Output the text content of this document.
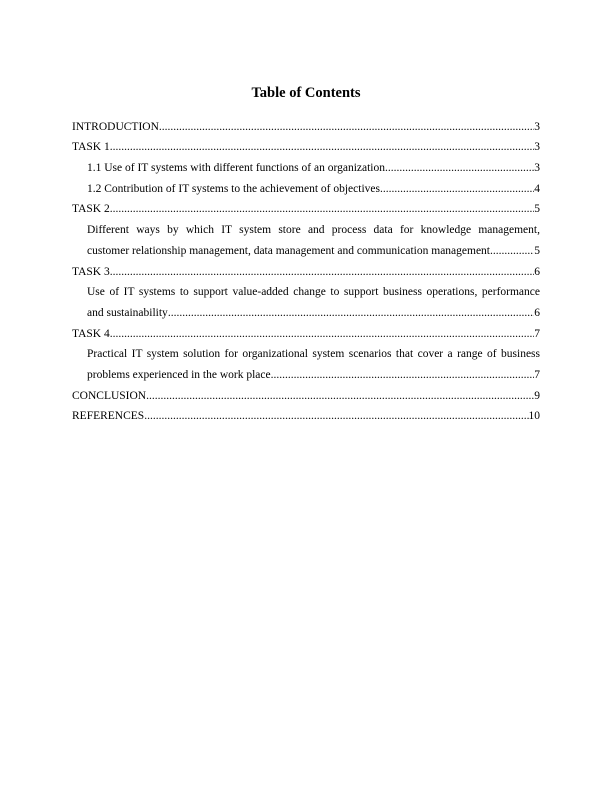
Table of Contents
INTRODUCTION .....	3
TASK 1 .....	3
1.1 Use of IT systems with different functions of an organization .....	3
1.2 Contribution of IT systems to the achievement of objectives .....	4
TASK 2 .....	5
Different ways by which IT system store and process data for knowledge management,
customer relationship management, data management and communication management .....	5
TASK 3 .....	6
Use of IT systems to support value-added change to support business operations, performance
and sustainability .....	6
TASK 4 .....	7
Practical IT system solution for organizational system scenarios that cover a range of business
problems experienced in the work place .....	7
CONCLUSION .....	9
REFERENCES .....	10
